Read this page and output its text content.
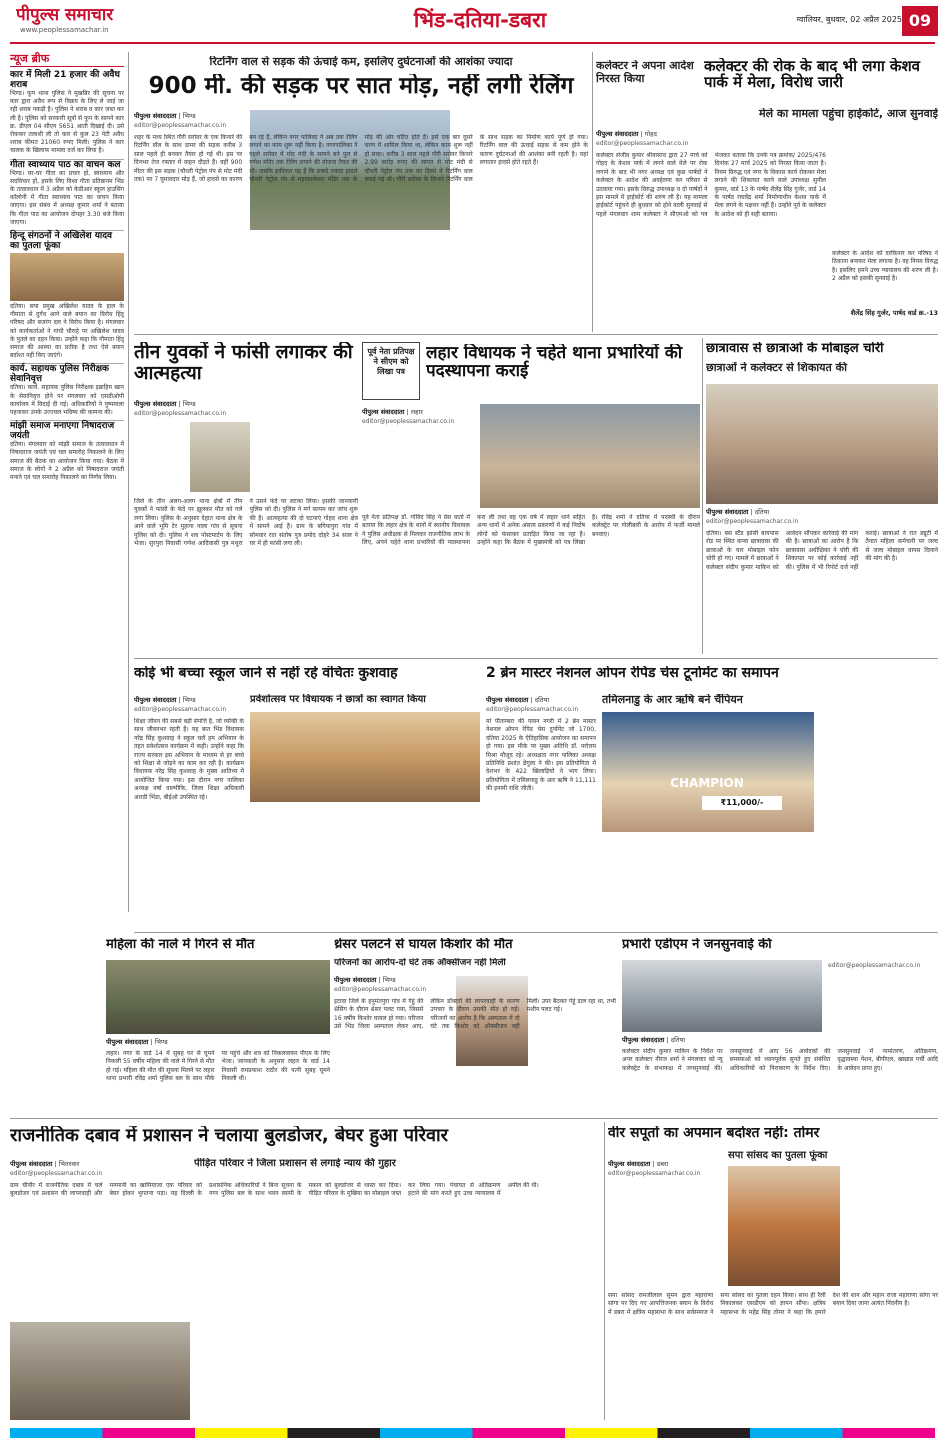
पीपुल्स समाचार
www.peoplessamachar.in	भिंड-दतिया-डबरा	ग्वालियर, बुधवार, 02 अप्रैल 2025 09
न्यूज ब्रीफ
कार में मिली 21 हजार की अवैध शराब

भिण्ड। फूप थाना पुलिस ने मुखबिर की सूचना पर कार द्वारा अवैध रूप से विक्रय के लिए ले जाई जा रही शराब पकड़ी है। पुलिस ने शराब व कार जब्त कर ली है। पुलिस को सरकारी सूत्रों से फूप के सामने कार क्र. डीएल 04 सीएन 5651 आती दिखाई दी। उसे रोककर तलाशी ली तो कार से कुल 23 पेटी अवैध शराब कीमत 21060 रुपए मिली। पुलिस ने कार चालक के खिलाफ मामला दर्ज कर लिया है।

गीता स्वाध्याय पाठ का वाचन कल

भिण्ड। घर-घर गीता का प्रचार हो, स्वाध्याय और सदविचार हों, इसके लिए विश्व गीता प्रतिष्ठानम भिंड के तत्वावधान में 3 अप्रैल को केडीआर स्कूल हाउसिंग कॉलोनी में गीता स्वाध्याय पाठ का वाचन किया जाएगा। इस संबंध में अध्यक्ष कुमार शर्मा ने बताया कि गीता पाठ का आयोजन दोपहर 3.30 बजे किया जाएगा।

हिन्दू संगठनों ने अखिलेश यादव का पुतला फूंका

दतिया। सपा प्रमुख अखिलेश यादव के हाल के गौमाता से दुर्गंध आने वाले बयान का विरोध हिंदू परिषद और बजरंग दल ने विरोध किया है। मंगलवार को कार्यकर्ताओं ने गांधी चौराहे पर अखिलेश यादव के पुतले का दहन किया। उन्होंने कहा कि गौमाता हिंदू समाज की आस्था का प्रतीक है तथा ऐसे बयान बर्दाश्त नहीं किए जाएंगे।

कार्य. सहायक पुलिस निरीक्षक सेवानिवृत्त

दतिया। कार्य. सहायक पुलिस निरीक्षक इब्राहिम खान के सेवानिवृत्त होने पर मंगलवार को एसडीओपी कार्यालय में विदाई दी गई। अधिकारियों ने पुष्पमाला पहनाकर उनके उज्ज्वल भविष्य की कामना की।

मांझी समाज मनाएगा निषादराज जयंती

दतिया। मंगलवार को मांझी समाज के तत्वावधान में निषादराज जयंती एवं चल समारोह निकालने के लिए समाज की बैठक का आयोजन किया गया। बैठक में समाज के लोगों ने 2 अप्रैल को निषादराज जयंती मनाने एवं चल समारोह निकालने का निर्णय लिया।

रिटर्निंग वाल से सड़क की ऊंचाई कम, इसलिए दुर्घटनाओं की आशंका ज्यादा
900 मी. की सड़क पर सात मोड़, नहीं लगी रेलिंग
पीपुल्स संवाददाता | भिण्ड
editor@peoplessamachar.co.in
शहर के मध्य स्थित गौरी सरोवर के एक किनारे की रिटर्निंग वॉल के साथ डामर की सड़क करीब 3 साल पहले ही बनकर तैयार हो गई थी। इस पर दिनभर तेज रफ्तार में वाहन दौड़ते हैं। वहीं 900 मीटर की इस सड़क (चौधरी पेट्रोल पंप से मोट मंदी तक) पर 7 घुमावदार मोड़ हैं, जो हादसे का कारण बन रहे हैं, लेकिन नगर पालिका ने अब तक रेलिंग लगाने का काम शुरू नहीं किया है। नगरपालिका ने पहले सरोवर में मोट मंदी के सामने बने पुल से गणेश मंदिर तक रेलिंग लगाने की योजना तैयार की थी। जबकि हकीकत यह है कि सबसे ज्यादा हादसे चौधरी पेट्रोल पंप से महाकालेश्वर मंदिर तक के मोड़ की ओर घटित होते हैं। इसे एक बार दूसरे चरण में शामिल किया था, लेकिन काम शुरू नहीं हो सका। करीब 3 साल पहले गौरी सरोवर किनारे 2.99 करोड़ रुपए की लागत से मोट मंदी से चौधरी पेट्रोल पंप तक का हिस्से में रिटर्निंग वाल बनाई गई थी। गौरी सरोवर के किनारे रिटर्निंग वाल के साथ सड़क का निर्माण कार्य पूर्ण हो गया। रिटर्निंग वाल की ऊंचाई सड़क से कम होने के कारण दुर्घटनाओं की आशंका बनी रहती है। यहां लगातार हादसे होते रहते हैं।
कलेक्टर ने अपना आदेश निरस्त किया
कलेक्टर की रोक के बाद भी लगा केशव पार्क में मेला, विरोध जारी
मेले का मामला पहुंचा हाईकोर्ट, आज सुनवाई
पीपुल्स संवाददाता | गोहद
editor@peoplessamachar.co.in
कलेक्टर संजीव कुमार श्रीवास्तव द्वारा 27 मार्च को गोहद के केशव पार्क में लगने वाले मेले पर रोक लगाने के बाद भी नगर अध्यक्ष एवं कुछ पार्षदों ने कलेक्टर के आदेश की अवहेलना कर परिसर से उठवाया गया। इसके विरुद्ध उपाध्यक्ष व दो पार्षदों ने इस मामले में हाईकोर्ट की शरण ली है। यह मामला हाईकोर्ट पहुंचने ही बुधवार को होने वाली सुनवाई से पहले मंगलवार शाम कलेक्टर ने सीएमओ को पत्र भेजकर बताया कि उनके पत्र क्रमांक/ 2025/476 दिनांक 27 मार्च 2025 को निरस्त किया जाता है। नियम विरुद्ध एवं नगर के विकास कार्य रोककर मेला लगाने की शिकायत करने वाले उपाध्यक्ष सुनील कुमार, वार्ड 13 के पार्षद शैलेंद्र सिंह गुर्जर, वार्ड 14 के पार्षद राघवेंद्र शर्मा निर्माणाधीन केशव पार्क में मेला लगने के पक्षधर नहीं हैं। उन्होंने पूर्व के कलेक्टर के आदेश को ही सही बताया।
कलेक्टर के आदेश को दरकिनार कर परिषद ने ठिकाना बनाकर मेला लगाया है। वह नियम विरुद्ध है। इसलिए हमने उच्च न्यायालय की शरण ली है। 2 अप्रैल को इसकी सुनवाई है।
शैलेंद्र सिंह गुर्जर, पार्षद वार्ड क्र.-13
तीन युवकों ने फांसी लगाकर की आत्महत्या
पीपुल्स संवाददाता | भिण्ड
editor@peoplessamachar.co.in
जिले के तीन अलग-अलग थाना क्षेत्रों में तीन युवकों ने फांसी के फंदे पर झूलकर मौत को गले लगा लिया। पुलिस के अनुसार देहात थाना क्षेत्र के आने वाले भूमि टेर मुहाना नाला गांव से सूचना पुलिस को दी। पुलिस ने शव पोस्टमार्टम के लिए भेजा। सुरपुरा निवासी गणेश आदिवासी पुत्र मथुरा ने उसने फंदे पर लटका लिया। इसकी जानकारी पुलिस को दी। पुलिस ने मर्ग कायम कर जांच शुरू की है। आत्महत्या की दो घटनाएं गोहद थाना क्षेत्र में सामने आई हैं। ग्राम के बगियापुरा गांव में सोमवार रात संतोष पुत्र प्रमोद दोहरे 34 साल ने घर में ही फांसी लगा ली।
पूर्व नेता प्रतिपक्ष ने सीएम को लिखा पत्र
लहार विधायक ने चहेते थाना प्रभारियों की पदस्थापना कराई
पीपुल्स संवाददाता | लहार
editor@peoplessamachar.co.in
पूर्व नेता प्रतिपक्ष डॉ. गोविंद सिंह ने प्रेस वार्ता में बताया कि लहार क्षेत्र के थानों में स्थानीय विधायक ने पुलिस अधीक्षक से मिलकर राजनीतिक लाभ के लिए, अपने चहेते थाना प्रभारियों की पदस्थापना करा ली तथा वह एक वर्ष में लहार थाने सहित अन्य थानों में अनेक असत्य प्रकरणों में कई निर्दोष लोगों को फंसाकर प्रताड़ित किया जा रहा है। उन्होंने कहा कि बैठक में मुख्यमंत्री को पत्र लिखा है। रविंद्र शर्मा ने दतिया में पदस्थी के दौरान कलेक्ट्रेट पर गोलीबारी के आरोप में फर्जी मामले बनवाए।
छात्रावास से छात्राओं के मोबाइल चोरी
छात्राओं ने कलेक्टर से शिकायत की
पीपुल्स संवाददाता | दतिया
editor@peoplessamachar.co.in
दतिया। बस स्टैंड झांसी बायपास रोड पर स्थित कन्या छात्रावास की छात्राओं के चार मोबाइल फोन चोरी हो गए। मामले में छात्राओं ने कलेक्टर संदीप कुमार माकिन को आवेदन सौंपकर कार्रवाई की मांग की है। छात्राओं का आरोप है कि छात्रावास अधीक्षिका ने चोरी की शिकायत पर कोई कार्रवाई नहीं की। पुलिस में भी रिपोर्ट दर्ज नहीं कराई। छात्राओं ने रात ड्यूटी में तैनात महिला कर्मचारी पर जल्द से जल्द मोबाइल वापस दिलाने की मांग की है।
कोई भी बच्चा स्कूल जाने से नहीं रहे वंचितः कुशवाह
पीपुल्स संवाददाता | भिण्ड
editor@peoplessamachar.co.in
प्रवेशोत्सव पर विधायक ने छात्रों का स्वागत किया
शिक्षा जीवन की सबसे बड़ी संपत्ति है, जो व्यक्ति के साथ जीवनभर रहती है। यह बात भिंड विधायक नरेंद्र सिंह कुशवाह ने स्कूल चलें हम अभियान के तहत प्रवेशोत्सव कार्यक्रम में कही। उन्होंने कहा कि राज्य सरकार इस अभियान के माध्यम से हर बच्चे को शिक्षा से जोड़ने का काम कर रही है। कार्यक्रम विधायक नरेंद्र सिंह कुशवाह के मुख्य आतिथ्य में आयोजित किया गया। इस दौरान नगर पालिका अध्यक्ष वर्षा वाल्मीकि, जिला शिक्षा अधिकारी आरडी भिंडा, बीईओ उपस्थित रहे।
2 ब्रेन मास्टर नेशनल ओपन रेपिड चेस टूर्नामेंट का समापन
पीपुल्स संवाददाता | दतिया
editor@peoplessamachar.co.in
तमिलनाडु के आर ऋषि बने चैंपियन
CHAMPION
₹11,000/-
मां पीताम्बरा की पावन नगरी में 2 ब्रेन मास्टर नेशनल ओपन रेपिड चेस टूर्नामेंट जो 1700, दतिया 2025 के ऐतिहासिक आयोजन का समापन हो गया। इस मौके पर मुख्य अतिथि डॉ. नरोत्तम मिश्रा मौजूद रहे। अध्यक्षता नगर पालिका अध्यक्ष प्रतिनिधि प्रशांत ढेंगुला ने की। इस प्रतियोगिता में देशभर के 422 खिलाड़ियों ने भाग लिया। प्रतियोगिता में तमिलनाडु के आर ऋषि ने 11,111 की इनामी राशि जीती।
महिला की नाले में गिरने से मौत
पीपुल्स संवाददाता | भिण्ड
लहार। नगर के वार्ड 14 में सुबह घर से घूमने निकली 55 वर्षीय महिला की नाले में गिरने से मौत हो गई। महिला की मौत की सूचना मिलने पर लहार थाना प्रभारी रविंद्र शर्मा पुलिस बल के साथ मौके पर पहुंचे और शव को निकलवाकर पीएम के लिए भेजा। जानकारी के अनुसार लहार के वार्ड 14 निवासी रामप्रकाश राठौर की पत्नी सुबह घूमने निकली थी।
थ्रेसर पलटने से घायल किशोर की मौत
परिजनों का आरोप-दो घंटे तक ऑक्सीजन नहीं मिली
पीपुल्स संवाददाता | भिण्ड
editor@peoplessamachar.co.in
इटावा जिले के हनुमंतपुरा गांव में गेहूं की थ्रेसिंग के दौरान थ्रेसर पलट गया, जिससे 16 वर्षीय किशोर घायल हो गया। परिजन उसे भिंड जिला अस्पताल लेकर आए, लेकिन डॉक्टरों की लापरवाही के कारण उपचार के दौरान उसकी मौत हो गई। परिजनों का आरोप है कि अस्पताल में दो घंटे तक किशोर को ऑक्सीजन नहीं मिली। उपर बैठकर गेहूं डाल रहा था, तभी मशीन पलट गई।
प्रभारी एडीएम ने जनसुनवाई की
पीपुल्स संवाददाता | दतिया
कलेक्टर संदीप कुमार माकिन के निर्देश पर अपर कलेक्टर नीरज शर्मा ने मंगलवार को न्यू कलेक्ट्रेट के सभाकक्ष में जनसुनवाई की। जनसुनवाई में आए 56 आवेदकों की समस्याओं को ध्यानपूर्वक सुनते हुए संबंधित अधिकारियों को निराकरण के निर्देश दिए। जनसुनवाई में नामांतरण, अतिक्रमण, वृद्धावस्था पेंशन, बीपीएल, खाद्यान्न पर्ची आदि के आवेदन प्राप्त हुए।
editor@peoplessamachar.co.in
राजनीतिक दबाव में प्रशासन ने चलाया बुलडोजर, बेघर हुआ परिवार
पीपुल्स संवाददाता | भितरवार
editor@peoplessamachar.co.in
पीड़ित परिवार ने जिला प्रशासन से लगाई न्याय की गुहार
ग्राम चीनौर में राजनीतिक दबाव में चले बुलडोजर एवं प्रशासन की लापरवाही और मनमानी का खामियाजा एक परिवार को बेघर होकर भुगतना पड़ा। यह दिल्ली के प्रशासनिक अधिकारियों ने बिना सूचना के नगर पुलिस बल के साथ भवन स्वामी के मकान को बुलडोजर से ध्वस्त कर दिया। पीड़ित परिवार के मुखिया का मोबाइल जब्त कर लिया गया। पंचायत से अतिक्रमण हटाने की मांग करते हुए उच्च न्यायालय में अपील की थी।
वीर सपूतों का अपमान बर्दाश्त नहीं: तोमर
सपा सांसद का पुतला फूंका
पीपुल्स संवाददाता | डबरा
editor@peoplessamachar.co.in
सपा सांसद रामजीलाल सुमन द्वारा महाराणा सांगा पर दिए गए आपत्तिजनक बयान के विरोध में डबरा में क्षत्रिय महासभा के साथ सर्वसमाज ने सपा सांसद का पुतला दहन किया। साथ ही रैली निकालकर एसडीएम को ज्ञापन सौंपा। क्षत्रिय महासभा के महेंद्र सिंह तोमर ने कहा कि हमारे देश की शान और महान राजा महाराणा सांगा पर बयान दिया जाना अत्यंत निंदनीय है।
